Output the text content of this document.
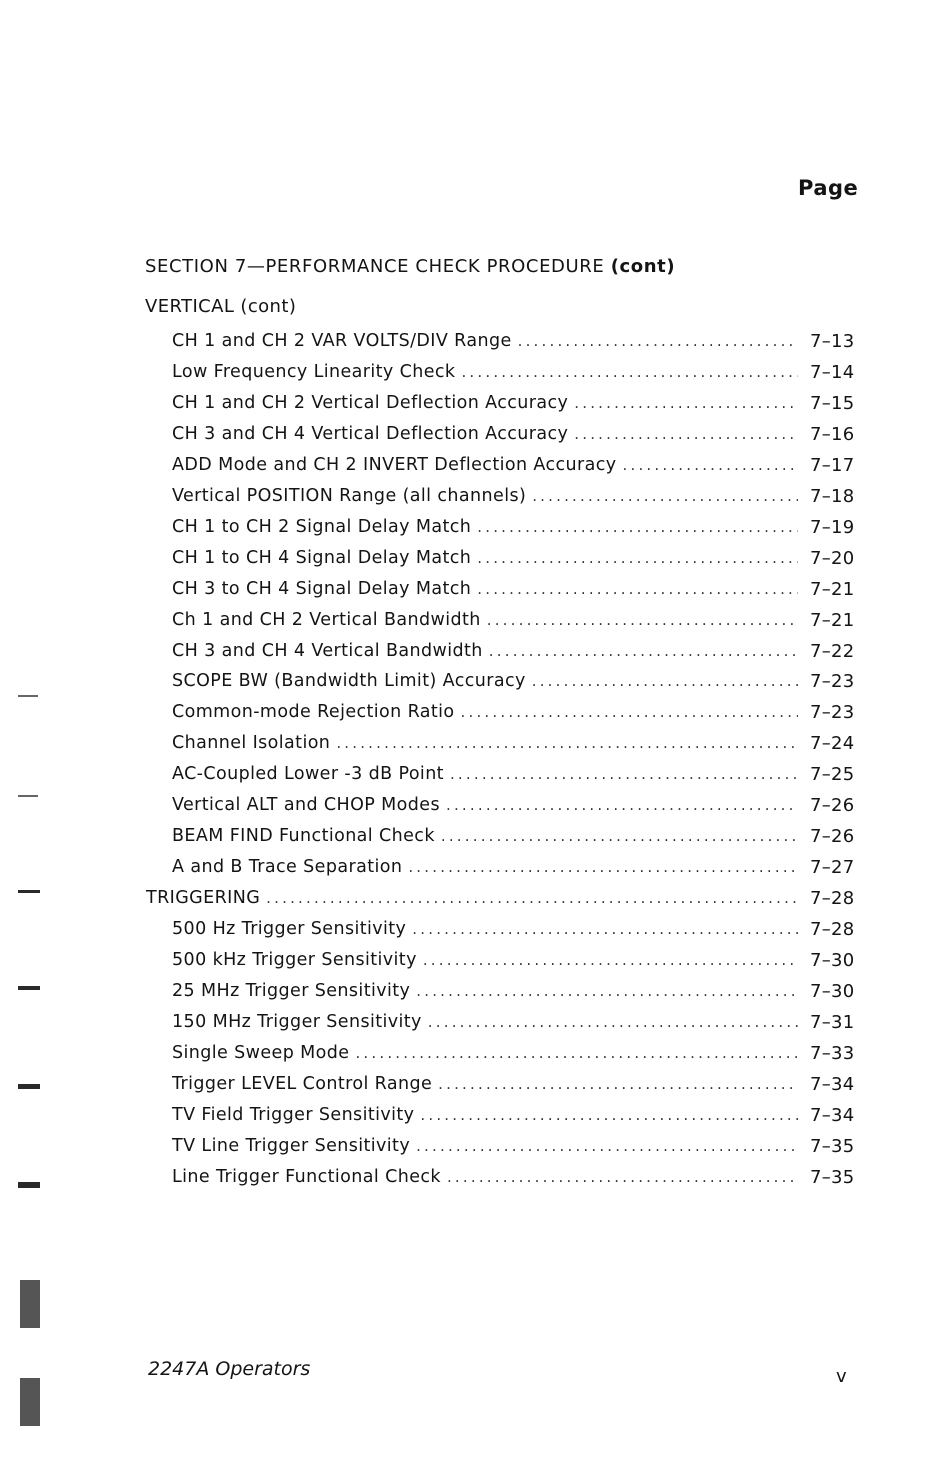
Page
SECTION 7—PERFORMANCE CHECK PROCEDURE (cont)
VERTICAL (cont)
CH 1 and CH 2 VAR VOLTS/DIV Range .....	7–13
Low Frequency Linearity Check .....	7–14
CH 1 and CH 2 Vertical Deflection Accuracy .....	7–15
CH 3 and CH 4 Vertical Deflection Accuracy .....	7–16
ADD Mode and CH 2 INVERT Deflection Accuracy .....	7–17
Vertical POSITION Range (all channels) .....	7–18
CH 1 to CH 2 Signal Delay Match .....	7–19
CH 1 to CH 4 Signal Delay Match .....	7–20
CH 3 to CH 4 Signal Delay Match .....	7–21
Ch 1 and CH 2 Vertical Bandwidth .....	7–21
CH 3 and CH 4 Vertical Bandwidth .....	7–22
SCOPE BW (Bandwidth Limit) Accuracy .....	7–23
Common-mode Rejection Ratio .....	7–23
Channel Isolation .....	7–24
AC-Coupled Lower -3 dB Point .....	7–25
Vertical ALT and CHOP Modes .....	7–26
BEAM FIND Functional Check .....	7–26
A and B Trace Separation .....	7–27
TRIGGERING .....	7–28
500 Hz Trigger Sensitivity .....	7–28
500 kHz Trigger Sensitivity .....	7–30
25 MHz Trigger Sensitivity .....	7–30
150 MHz Trigger Sensitivity .....	7–31
Single Sweep Mode .....	7–33
Trigger LEVEL Control Range .....	7–34
TV Field Trigger Sensitivity .....	7–34
TV Line Trigger Sensitivity .....	7–35
Line Trigger Functional Check .....	7–35
2247A Operators	v
